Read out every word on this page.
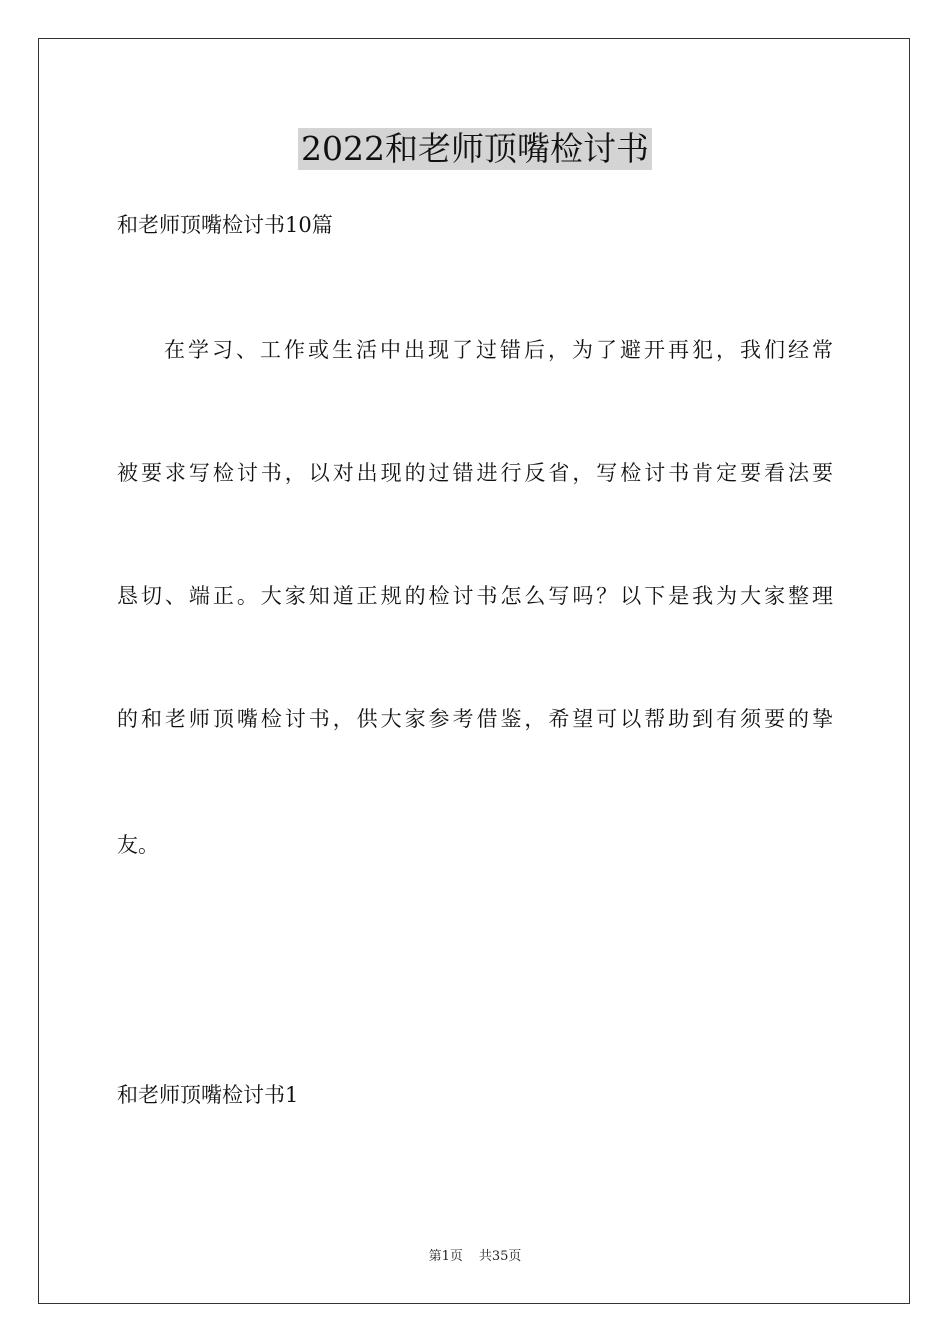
2022和老师顶嘴检讨书
和老师顶嘴检讨书10篇
在学习、工作或生活中出现了过错后，为了避开再犯，我们经常
被要求写检讨书，以对出现的过错进行反省，写检讨书肯定要看法要
恳切、端正。大家知道正规的检讨书怎么写吗？以下是我为大家整理
的和老师顶嘴检讨书，供大家参考借鉴，希望可以帮助到有须要的挚
友。
和老师顶嘴检讨书1
第1页 共35页
